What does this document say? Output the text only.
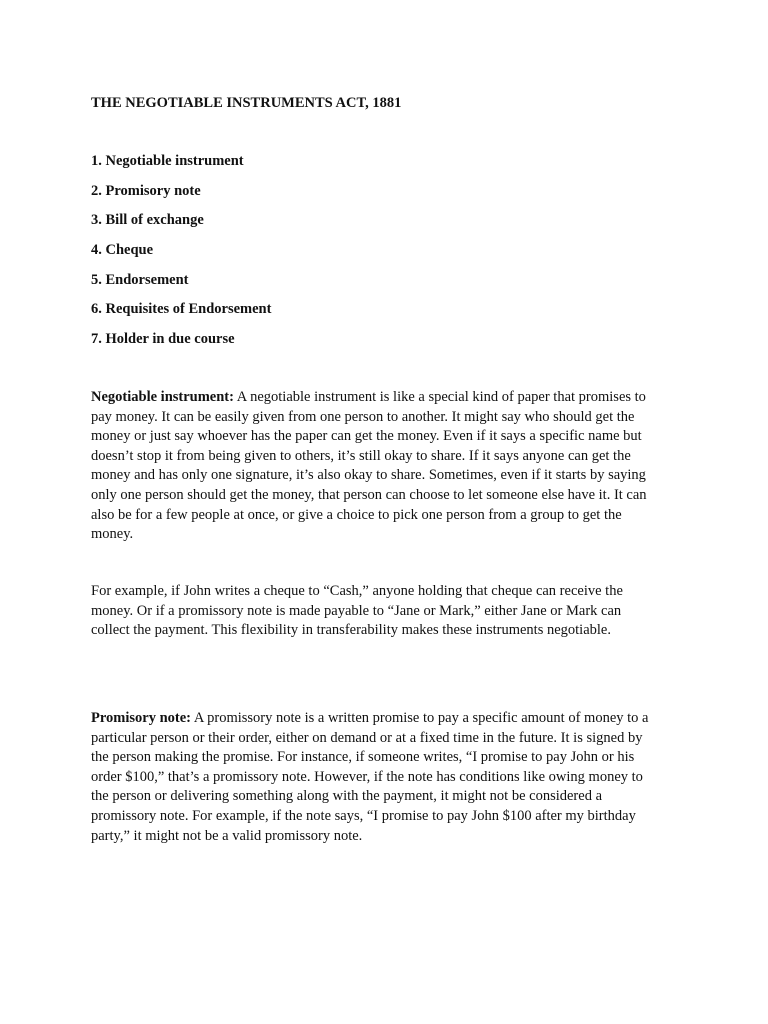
THE NEGOTIABLE INSTRUMENTS ACT, 1881
1. Negotiable instrument
2. Promisory note
3. Bill of exchange
4. Cheque
5. Endorsement
6. Requisites of Endorsement
7. Holder in due course
Negotiable instrument: A negotiable instrument is like a special kind of paper that promises to
pay money. It can be easily given from one person to another. It might say who should get the
money or just say whoever has the paper can get the money. Even if it says a specific name but
doesn’t stop it from being given to others, it’s still okay to share. If it says anyone can get the
money and has only one signature, it’s also okay to share. Sometimes, even if it starts by saying
only one person should get the money, that person can choose to let someone else have it. It can
also be for a few people at once, or give a choice to pick one person from a group to get the
money.
For example, if John writes a cheque to “Cash,” anyone holding that cheque can receive the
money. Or if a promissory note is made payable to “Jane or Mark,” either Jane or Mark can
collect the payment. This flexibility in transferability makes these instruments negotiable.
Promisory note: A promissory note is a written promise to pay a specific amount of money to a
particular person or their order, either on demand or at a fixed time in the future. It is signed by
the person making the promise. For instance, if someone writes, “I promise to pay John or his
order $100,” that’s a promissory note. However, if the note has conditions like owing money to
the person or delivering something along with the payment, it might not be considered a
promissory note. For example, if the note says, “I promise to pay John $100 after my birthday
party,” it might not be a valid promissory note.
